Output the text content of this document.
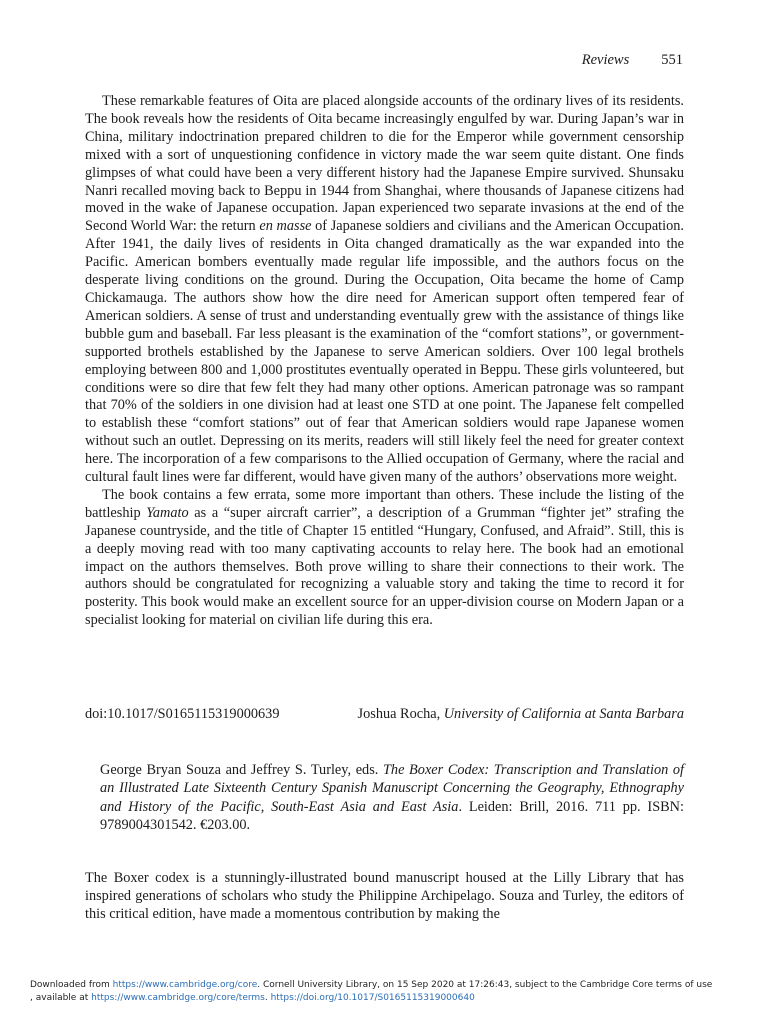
Reviews 551

These remarkable features of Oita are placed alongside accounts of the ordinary lives of its residents. The book reveals how the residents of Oita became increasingly engulfed by war. During Japan’s war in China, military indoctrination prepared children to die for the Emperor while government censorship mixed with a sort of unquestioning confidence in victory made the war seem quite distant. One finds glimpses of what could have been a very different history had the Japanese Empire survived. Shunsaku Nanri recalled moving back to Beppu in 1944 from Shanghai, where thousands of Japanese citizens had moved in the wake of Japanese occupation. Japan experienced two separate invasions at the end of the Second World War: the return en masse of Japanese soldiers and civilians and the American Occupation. After 1941, the daily lives of residents in Oita changed dramatically as the war expanded into the Pacific. American bombers eventually made regular life impossible, and the authors focus on the desperate living conditions on the ground. During the Occupation, Oita became the home of Camp Chickamauga. The authors show how the dire need for American support often tempered fear of American soldiers. A sense of trust and understanding eventually grew with the assistance of things like bubble gum and baseball. Far less pleasant is the examination of the “comfort stations”, or government-supported brothels established by the Japanese to serve American soldiers. Over 100 legal brothels employing between 800 and 1,000 prostitutes eventually operated in Beppu. These girls volunteered, but conditions were so dire that few felt they had many other options. American patronage was so rampant that 70% of the soldiers in one division had at least one STD at one point. The Japanese felt compelled to establish these “comfort stations” out of fear that American soldiers would rape Japanese women without such an outlet. Depressing on its merits, readers will still likely feel the need for greater context here. The incorporation of a few comparisons to the Allied occupation of Germany, where the racial and cultural fault lines were far different, would have given many of the authors’ observations more weight.

The book contains a few errata, some more important than others. These include the listing of the battleship Yamato as a “super aircraft carrier”, a description of a Grumman “fighter jet” strafing the Japanese countryside, and the title of Chapter 15 entitled “Hungary, Confused, and Afraid”. Still, this is a deeply moving read with too many captivating accounts to relay here. The book had an emotional impact on the authors themselves. Both prove willing to share their connections to their work. The authors should be congratulated for recognizing a valuable story and taking the time to record it for posterity. This book would make an excellent source for an upper-division course on Modern Japan or a specialist looking for material on civilian life during this era.

doi:10.1017/S0165115319000639	Joshua Rocha, University of California at Santa Barbara
George Bryan Souza and Jeffrey S. Turley, eds. The Boxer Codex: Transcription and Translation of an Illustrated Late Sixteenth Century Spanish Manuscript Concerning the Geography, Ethnography and History of the Pacific, South-East Asia and East Asia. Leiden: Brill, 2016. 711 pp. ISBN: 9789004301542. €203.00.

The Boxer codex is a stunningly-illustrated bound manuscript housed at the Lilly Library that has inspired generations of scholars who study the Philippine Archipelago. Souza and Turley, the editors of this critical edition, have made a momentous contribution by making the

Downloaded from https://www.cambridge.org/core. Cornell University Library, on 15 Sep 2020 at 17:26:43, subject to the Cambridge Core terms of use
, available at https://www.cambridge.org/core/terms. https://doi.org/10.1017/S0165115319000640
